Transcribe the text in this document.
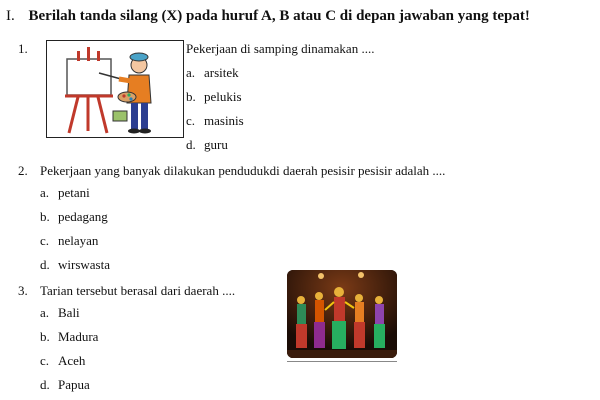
I. Berilah tanda silang (X) pada huruf A, B atau C di depan jawaban yang tepat!
1.	Pekerjaan di samping dinamakan ....
a. arsitek
b. pelukis
c. masinis
d. guru
2. Pekerjaan yang banyak dilakukan pendudukdi daerah pesisir pesisir adalah ....
a. petani
b. pedagang
c. nelayan
d. wirswasta
3. Tarian tersebut berasal dari daerah ....
a. Bali
b. Madura
c. Aceh
d. Papua
